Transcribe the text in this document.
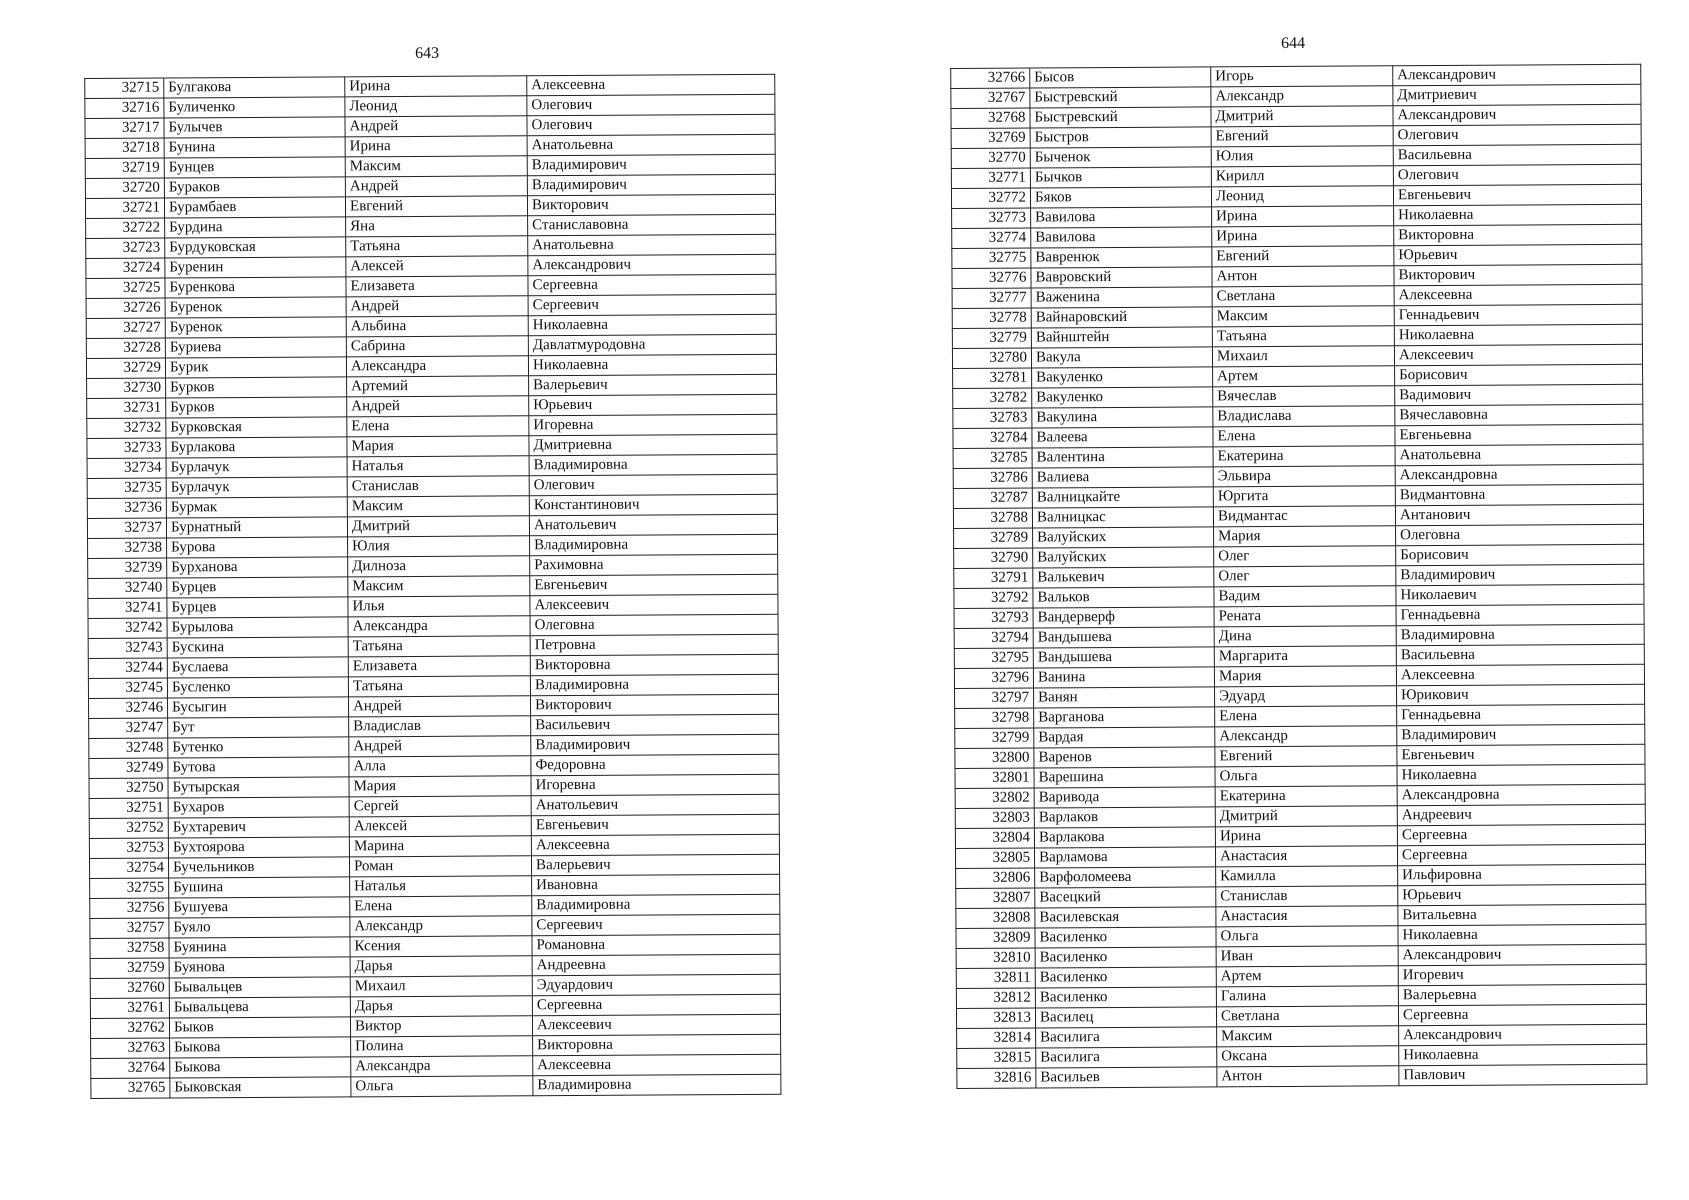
643
32715	Булгакова	Ирина	Алексеевна
32716	Буличенко	Леонид	Олегович
32717	Булычев	Андрей	Олегович
32718	Бунина	Ирина	Анатольевна
32719	Бунцев	Максим	Владимирович
32720	Бураков	Андрей	Владимирович
32721	Бурамбаев	Евгений	Викторович
32722	Бурдина	Яна	Станиславовна
32723	Бурдуковская	Татьяна	Анатольевна
32724	Буренин	Алексей	Александрович
32725	Буренкова	Елизавета	Сергеевна
32726	Буренок	Андрей	Сергеевич
32727	Буренок	Альбина	Николаевна
32728	Буриева	Сабрина	Давлатмуродовна
32729	Бурик	Александра	Николаевна
32730	Бурков	Артемий	Валерьевич
32731	Бурков	Андрей	Юрьевич
32732	Бурковская	Елена	Игоревна
32733	Бурлакова	Мария	Дмитриевна
32734	Бурлачук	Наталья	Владимировна
32735	Бурлачук	Станислав	Олегович
32736	Бурмак	Максим	Константинович
32737	Бурнатный	Дмитрий	Анатольевич
32738	Бурова	Юлия	Владимировна
32739	Бурханова	Дилноза	Рахимовна
32740	Бурцев	Максим	Евгеньевич
32741	Бурцев	Илья	Алексеевич
32742	Бурылова	Александра	Олеговна
32743	Бускина	Татьяна	Петровна
32744	Буслаева	Елизавета	Викторовна
32745	Бусленко	Татьяна	Владимировна
32746	Бусыгин	Андрей	Викторович
32747	Бут	Владислав	Васильевич
32748	Бутенко	Андрей	Владимирович
32749	Бутова	Алла	Федоровна
32750	Бутырская	Мария	Игоревна
32751	Бухаров	Сергей	Анатольевич
32752	Бухтаревич	Алексей	Евгеньевич
32753	Бухтоярова	Марина	Алексеевна
32754	Бучельников	Роман	Валерьевич
32755	Бушина	Наталья	Ивановна
32756	Бушуева	Елена	Владимировна
32757	Буяло	Александр	Сергеевич
32758	Буянина	Ксения	Романовна
32759	Буянова	Дарья	Андреевна
32760	Бывальцев	Михаил	Эдуардович
32761	Бывальцева	Дарья	Сергеевна
32762	Быков	Виктор	Алексеевич
32763	Быкова	Полина	Викторовна
32764	Быкова	Александра	Алексеевна
32765	Быковская	Ольга	Владимировна
644
32766	Бысов	Игорь	Александрович
32767	Быстревский	Александр	Дмитриевич
32768	Быстревский	Дмитрий	Александрович
32769	Быстров	Евгений	Олегович
32770	Быченок	Юлия	Васильевна
32771	Бычков	Кирилл	Олегович
32772	Бяков	Леонид	Евгеньевич
32773	Вавилова	Ирина	Николаевна
32774	Вавилова	Ирина	Викторовна
32775	Вавренюк	Евгений	Юрьевич
32776	Вавровский	Антон	Викторович
32777	Важенина	Светлана	Алексеевна
32778	Вайнаровский	Максим	Геннадьевич
32779	Вайнштейн	Татьяна	Николаевна
32780	Вакула	Михаил	Алексеевич
32781	Вакуленко	Артем	Борисович
32782	Вакуленко	Вячеслав	Вадимович
32783	Вакулина	Владислава	Вячеславовна
32784	Валеева	Елена	Евгеньевна
32785	Валентина	Екатерина	Анатольевна
32786	Валиева	Эльвира	Александровна
32787	Валницкайте	Юргита	Видмантовна
32788	Валницкас	Видмантас	Антанович
32789	Валуйских	Мария	Олеговна
32790	Валуйских	Олег	Борисович
32791	Валькевич	Олег	Владимирович
32792	Вальков	Вадим	Николаевич
32793	Вандерверф	Рената	Геннадьевна
32794	Вандышева	Дина	Владимировна
32795	Вандышева	Маргарита	Васильевна
32796	Ванина	Мария	Алексеевна
32797	Ванян	Эдуард	Юрикович
32798	Варганова	Елена	Геннадьевна
32799	Вардая	Александр	Владимирович
32800	Варенов	Евгений	Евгеньевич
32801	Варешина	Ольга	Николаевна
32802	Варивода	Екатерина	Александровна
32803	Варлаков	Дмитрий	Андреевич
32804	Варлакова	Ирина	Сергеевна
32805	Варламова	Анастасия	Сергеевна
32806	Варфоломеева	Камилла	Ильфировна
32807	Васецкий	Станислав	Юрьевич
32808	Василевская	Анастасия	Витальевна
32809	Василенко	Ольга	Николаевна
32810	Василенко	Иван	Александрович
32811	Василенко	Артем	Игоревич
32812	Василенко	Галина	Валерьевна
32813	Василец	Светлана	Сергеевна
32814	Василига	Максим	Александрович
32815	Василига	Оксана	Николаевна
32816	Васильев	Антон	Павлович
